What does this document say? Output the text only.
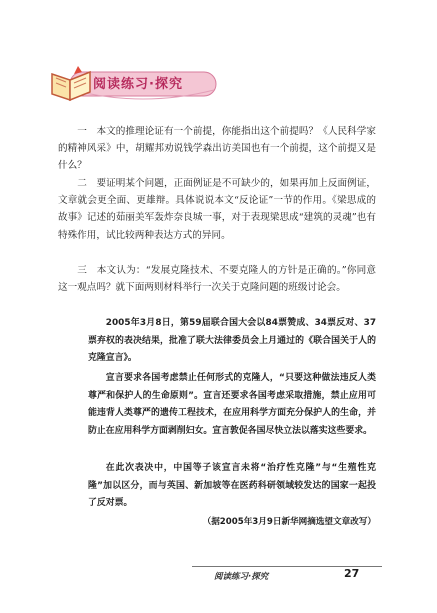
阅读练习·探究

一　本文的推理论证有一个前提，你能指出这个前提吗？《人民科学家的精神风采》中，胡耀邦劝说钱学森出访美国也有一个前提，这个前提又是什么？

二　要证明某个问题，正面例证是不可缺少的，如果再加上反面例证，文章就会更全面、更雄辩。具体说说本文“反论证”一节的作用。《梁思成的故事》记述的茹丽美军轰炸奈良城一事，对于表现梁思成“建筑的灵魂”也有特殊作用，试比较两种表达方式的异同。

三　本文认为：“发展克隆技术、不要克隆人的方针是正确的。”你同意这一观点吗？就下面两则材料举行一次关于克隆问题的班级讨论会。

2005年3月8日，第59届联合国大会以84票赞成、34票反对、37票弃权的表决结果，批准了联大法律委员会上月通过的《联合国关于人的克隆宣言》。

宣言要求各国考虑禁止任何形式的克隆人，“只要这种做法违反人类尊严和保护人的生命原则”。宣言还要求各国考虑采取措施，禁止应用可能违背人类尊严的遗传工程技术，在应用科学方面充分保护人的生命，并防止在应用科学方面剥削妇女。宣言敦促各国尽快立法以落实这些要求。

在此次表决中，中国等子该宣言未将“治疗性克隆”与“生殖性克隆”加以区分，而与英国、新加坡等在医药科研领域较发达的国家一起投了反对票。

（据2005年3月9日新华网摘选望文章改写）

阅读练习·探究	27
